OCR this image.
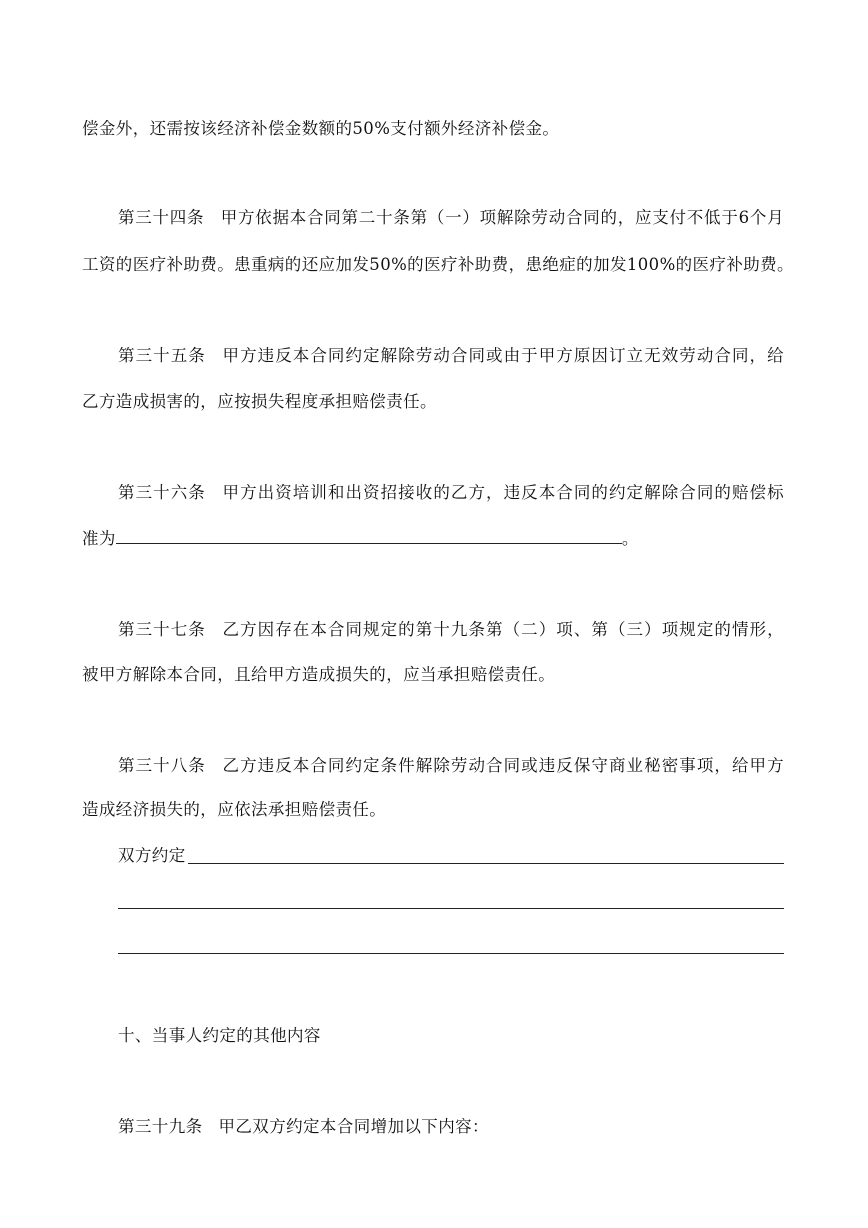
偿金外，还需按该经济补偿金数额的50%支付额外经济补偿金。
第三十四条 甲方依据本合同第二十条第（一）项解除劳动合同的，应支付不低于6个月
工资的医疗补助费。患重病的还应加发50%的医疗补助费，患绝症的加发100%的医疗补助费。
第三十五条 甲方违反本合同约定解除劳动合同或由于甲方原因订立无效劳动合同，给
乙方造成损害的，应按损失程度承担赔偿责任。
第三十六条 甲方出资培训和出资招接收的乙方，违反本合同的约定解除合同的赔偿标
准为	。
第三十七条 乙方因存在本合同规定的第十九条第（二）项、第（三）项规定的情形，
被甲方解除本合同，且给甲方造成损失的，应当承担赔偿责任。
第三十八条 乙方违反本合同约定条件解除劳动合同或违反保守商业秘密事项，给甲方
造成经济损失的，应依法承担赔偿责任。
双方约定
十、当事人约定的其他内容
第三十九条 甲乙双方约定本合同增加以下内容：
